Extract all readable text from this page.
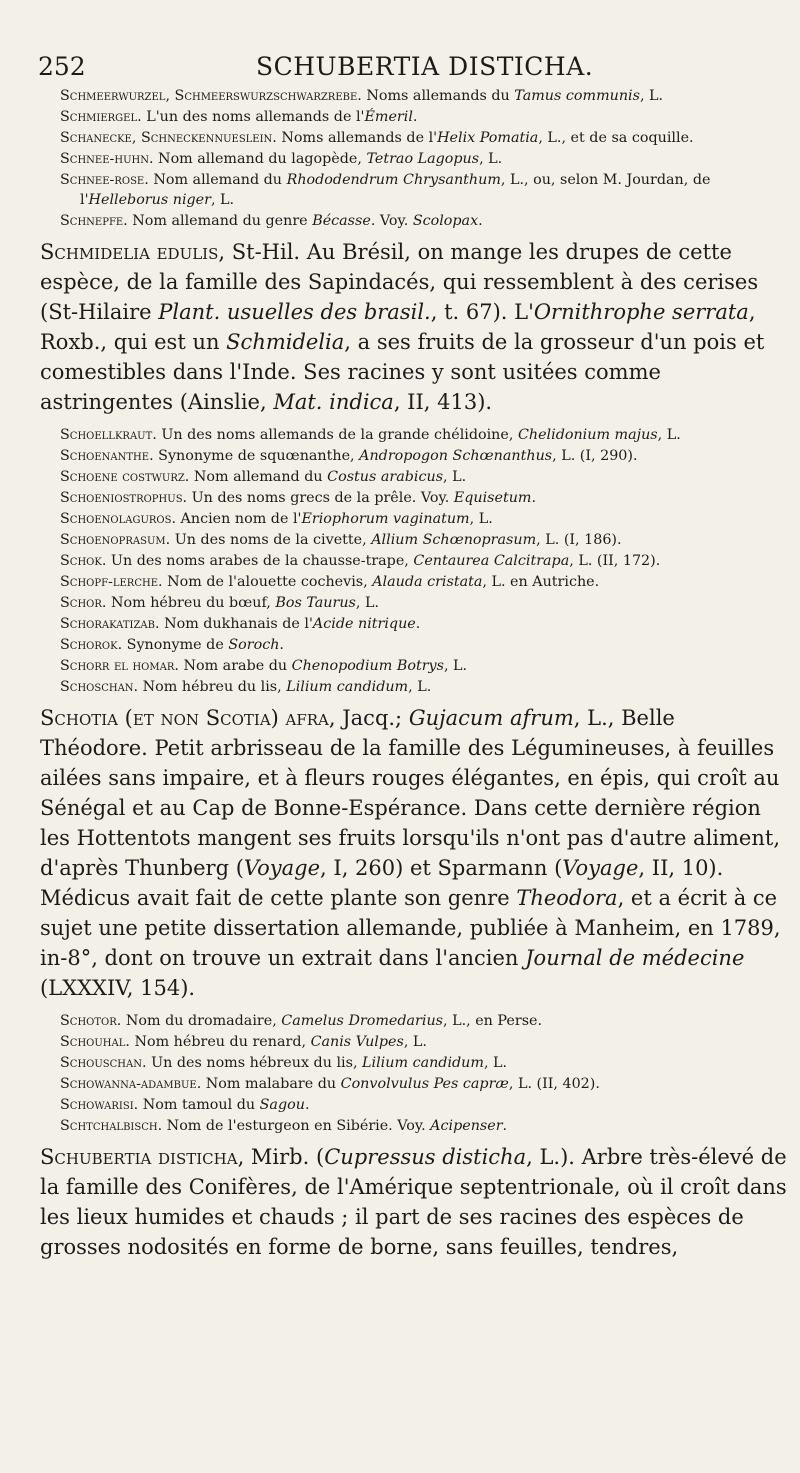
252	SCHUBERTIA DISTICHA.

Schmeerwurzel, Schmeerswurzschwarzrebe. Noms allemands du Tamus communis, L.

Schmiergel. L'un des noms allemands de l'Émeril.

Schanecke, Schneckennueslein. Noms allemands de l'Helix Pomatia, L., et de sa coquille.

Schnee-huhn. Nom allemand du lagopède, Tetrao Lagopus, L.

Schnee-rose. Nom allemand du Rhododendrum Chrysanthum, L., ou, selon M. Jourdan, de l'Helleborus niger, L.

Schnepfe. Nom allemand du genre Bécasse. Voy. Scolopax.

Schmidelia edulis, St-Hil. Au Brésil, on mange les drupes de cette espèce, de la famille des Sapindacés, qui ressemblent à des cerises (St-Hilaire Plant. usuelles des brasil., t. 67). L'Ornithrophe serrata, Roxb., qui est un Schmidelia, a ses fruits de la grosseur d'un pois et comestibles dans l'Inde. Ses racines y sont usitées comme astringentes (Ainslie, Mat. indica, II, 413).

Schoellkraut. Un des noms allemands de la grande chélidoine, Chelidonium majus, L.

Schoenanthe. Synonyme de squœnanthe, Andropogon Schœnanthus, L. (I, 290).

Schoene costwurz. Nom allemand du Costus arabicus, L.

Schoeniostrophus. Un des noms grecs de la prêle. Voy. Equisetum.

Schoenolaguros. Ancien nom de l'Eriophorum vaginatum, L.

Schoenoprasum. Un des noms de la civette, Allium Schœnoprasum, L. (I, 186).

Schok. Un des noms arabes de la chausse-trape, Centaurea Calcitrapa, L. (II, 172).

Schopf-lerche. Nom de l'alouette cochevis, Alauda cristata, L. en Autriche.

Schor. Nom hébreu du bœuf, Bos Taurus, L.

Schorakatizab. Nom dukhanais de l'Acide nitrique.

Schorok. Synonyme de Soroch.

Schorr el homar. Nom arabe du Chenopodium Botrys, L.

Schoschan. Nom hébreu du lis, Lilium candidum, L.

Schotia (et non Scotia) afra, Jacq.; Gujacum afrum, L., Belle Théodore. Petit arbrisseau de la famille des Légumineuses, à feuilles ailées sans impaire, et à fleurs rouges élégantes, en épis, qui croît au Sénégal et au Cap de Bonne-Espérance. Dans cette dernière région les Hottentots mangent ses fruits lorsqu'ils n'ont pas d'autre aliment, d'après Thunberg (Voyage, I, 260) et Sparmann (Voyage, II, 10). Médicus avait fait de cette plante son genre Theodora, et a écrit à ce sujet une petite dissertation allemande, publiée à Manheim, en 1789, in-8°, dont on trouve un extrait dans l'ancien Journal de médecine (LXXXIV, 154).

Schotor. Nom du dromadaire, Camelus Dromedarius, L., en Perse.

Schouhal. Nom hébreu du renard, Canis Vulpes, L.

Schouschan. Un des noms hébreux du lis, Lilium candidum, L.

Schowanna-adambue. Nom malabare du Convolvulus Pes capræ, L. (II, 402).

Schowarisi. Nom tamoul du Sagou.

Schtchalbisch. Nom de l'esturgeon en Sibérie. Voy. Acipenser.

Schubertia disticha, Mirb. (Cupressus disticha, L.). Arbre très-élevé de la famille des Conifères, de l'Amérique septentrionale, où il croît dans les lieux humides et chauds ; il part de ses racines des espèces de grosses nodosités en forme de borne, sans feuilles, tendres,
